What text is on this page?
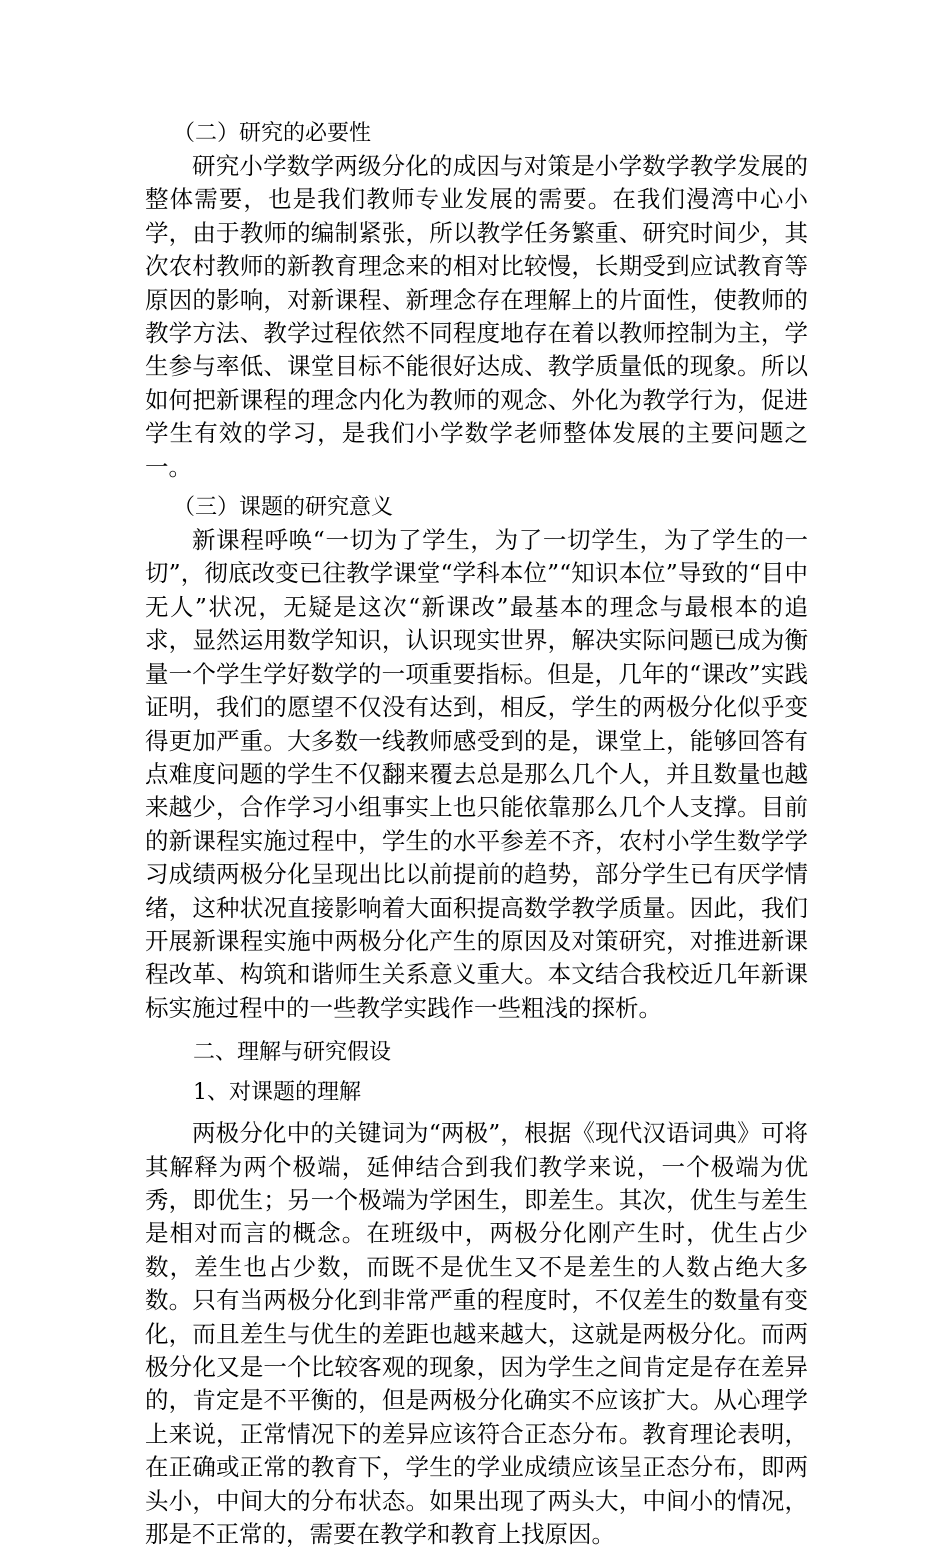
（二）研究的必要性

研究小学数学两级分化的成因与对策是小学数学教学发展的整体需要，也是我们教师专业发展的需要。在我们漫湾中心小学，由于教师的编制紧张，所以教学任务繁重、研究时间少，其次农村教师的新教育理念来的相对比较慢，长期受到应试教育等原因的影响，对新课程、新理念存在理解上的片面性，使教师的教学方法、教学过程依然不同程度地存在着以教师控制为主，学生参与率低、课堂目标不能很好达成、教学质量低的现象。所以如何把新课程的理念内化为教师的观念、外化为教学行为，促进学生有效的学习，是我们小学数学老师整体发展的主要问题之一。

（三）课题的研究意义

新课程呼唤“一切为了学生，为了一切学生，为了学生的一切”，彻底改变已往教学课堂“学科本位”“知识本位”导致的“目中无人”状况，无疑是这次“新课改”最基本的理念与最根本的追求，显然运用数学知识，认识现实世界，解决实际问题已成为衡量一个学生学好数学的一项重要指标。但是，几年的“课改”实践证明，我们的愿望不仅没有达到，相反，学生的两极分化似乎变得更加严重。大多数一线教师感受到的是，课堂上，能够回答有点难度问题的学生不仅翻来覆去总是那么几个人，并且数量也越来越少，合作学习小组事实上也只能依靠那么几个人支撑。目前的新课程实施过程中，学生的水平参差不齐，农村小学生数学学习成绩两极分化呈现出比以前提前的趋势，部分学生已有厌学情绪，这种状况直接影响着大面积提高数学教学质量。因此，我们开展新课程实施中两极分化产生的原因及对策研究，对推进新课程改革、构筑和谐师生关系意义重大。本文结合我校近几年新课标实施过程中的一些教学实践作一些粗浅的探析。

二、理解与研究假设

1、对课题的理解

两极分化中的关键词为“两极”，根据《现代汉语词典》可将其解释为两个极端，延伸结合到我们教学来说，一个极端为优秀，即优生；另一个极端为学困生，即差生。其次，优生与差生是相对而言的概念。在班级中，两极分化刚产生时，优生占少数，差生也占少数，而既不是优生又不是差生的人数占绝大多数。只有当两极分化到非常严重的程度时，不仅差生的数量有变化，而且差生与优生的差距也越来越大，这就是两极分化。而两极分化又是一个比较客观的现象，因为学生之间肯定是存在差异的，肯定是不平衡的，但是两极分化确实不应该扩大。从心理学上来说，正常情况下的差异应该符合正态分布。教育理论表明，在正确或正常的教育下，学生的学业成绩应该呈正态分布，即两头小，中间大的分布状态。如果出现了两头大，中间小的情况，那是不正常的，需要在教学和教育上找原因。
